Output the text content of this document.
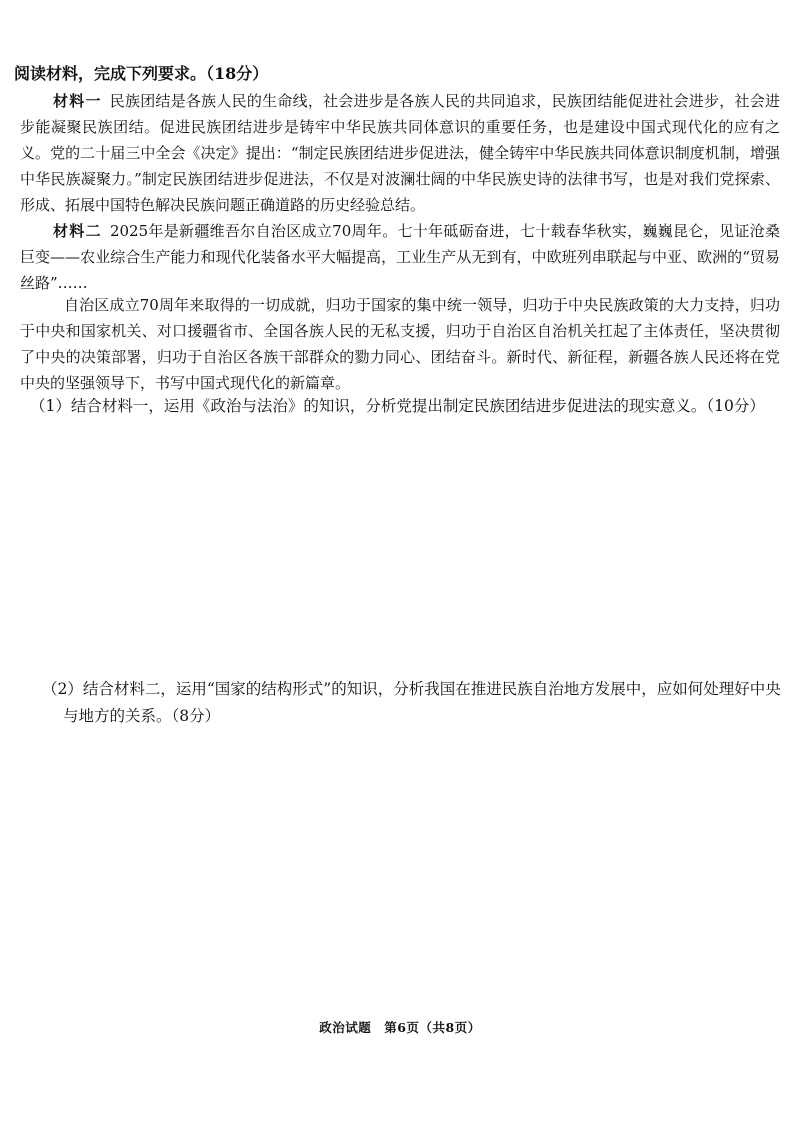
阅读材料，完成下列要求。（18分）

材料一 民族团结是各族人民的生命线，社会进步是各族人民的共同追求，民族团结能促进社会进步，社会进步能凝聚民族团结。促进民族团结进步是铸牢中华民族共同体意识的重要任务，也是建设中国式现代化的应有之义。党的二十届三中全会《决定》提出：“制定民族团结进步促进法，健全铸牢中华民族共同体意识制度机制，增强中华民族凝聚力。”制定民族团结进步促进法，不仅是对波澜壮阔的中华民族史诗的法律书写，也是对我们党探索、形成、拓展中国特色解决民族问题正确道路的历史经验总结。

材料二 2025年是新疆维吾尔自治区成立70周年。七十年砥砺奋进，七十载春华秋实，巍巍昆仑，见证沧桑巨变——农业综合生产能力和现代化装备水平大幅提高，工业生产从无到有，中欧班列串联起与中亚、欧洲的“贸易丝路”……

自治区成立70周年来取得的一切成就，归功于国家的集中统一领导，归功于中央民族政策的大力支持，归功于中央和国家机关、对口援疆省市、全国各族人民的无私支援，归功于自治区自治机关扛起了主体责任，坚决贯彻了中央的决策部署，归功于自治区各族干部群众的勠力同心、团结奋斗。新时代、新征程，新疆各族人民还将在党中央的坚强领导下，书写中国式现代化的新篇章。

（1）结合材料一，运用《政治与法治》的知识，分析党提出制定民族团结进步促进法的现实意义。（10分）

（2）结合材料二，运用“国家的结构形式”的知识，分析我国在推进民族自治地方发展中，应如何处理好中央与地方的关系。（8分）

政治试题　第6页（共8页）
